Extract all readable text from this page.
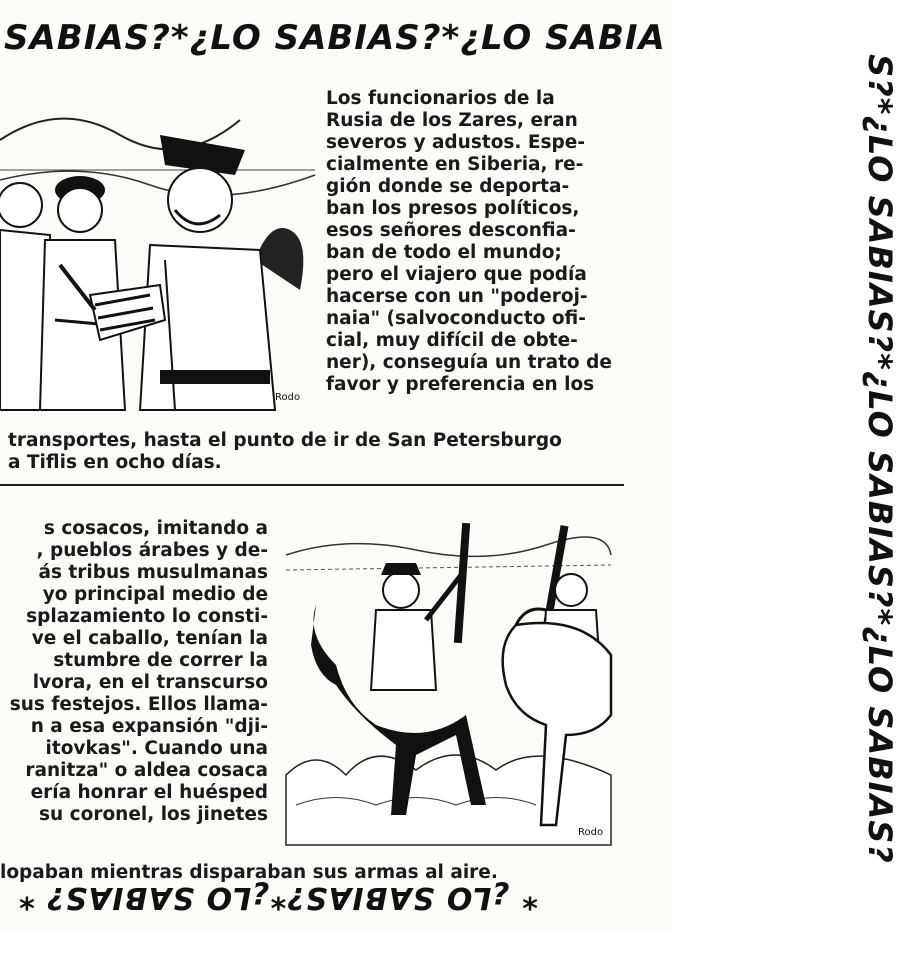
SABIAS?*¿LO SABIAS?*¿LO SABIA
S?*¿LO SABIAS?*¿LO SABIAS?*¿LO SABIAS?
* ¿LO SABIAS?*¿LO SABIAS? *
Rodo
Los funcionarios de la
Rusia de los Zares, eran
severos y adustos. Espe-
cialmente en Siberia, re-
gión donde se deporta-
ban los presos políticos,
esos señores desconfia-
ban de todo el mundo;
pero el viajero que podía
hacerse con un "poderoj-
naia" (salvoconducto ofi-
cial, muy difícil de obte-
ner), conseguía un trato de
favor y preferencia en los
transportes, hasta el punto de ir de San Petersburgo
a Tiflis en ocho días.
s cosacos, imitando a
, pueblos árabes y de-
ás tribus musulmanas
yo principal medio de
splazamiento lo consti-
ve el caballo, tenían la
stumbre de correr la
lvora, en el transcurso
sus festejos. Ellos llama-
n a esa expansión "dji-
itovkas". Cuando una
ranitza" o aldea cosaca
ería honrar el huésped
su coronel, los jinetes
lopaban mientras disparaban sus armas al aire.
Rodo
